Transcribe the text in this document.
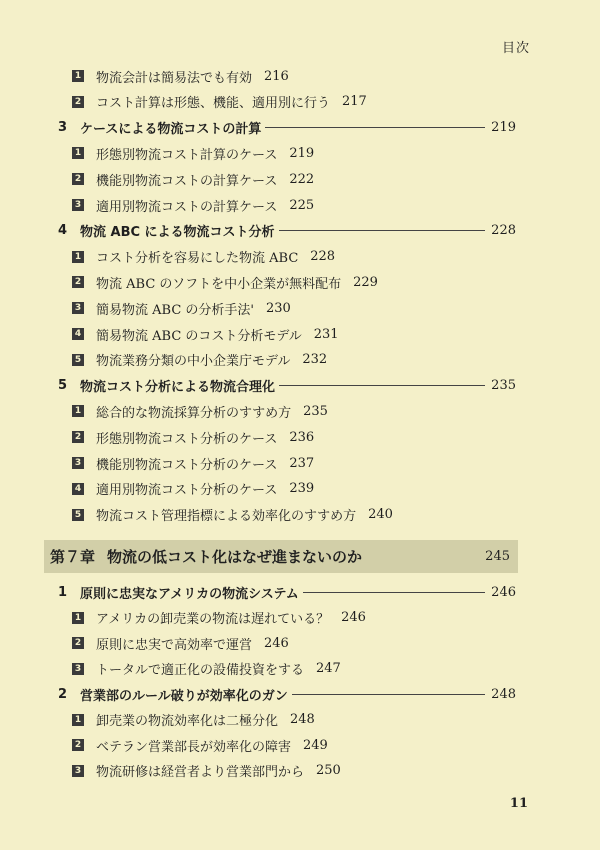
目次
1 物流会計は簡易法でも有効 216
2 コスト計算は形態、機能、適用別に行う 217
3 ケースによる物流コストの計算	219
1 形態別物流コスト計算のケース 219
2 機能別物流コストの計算ケース 222
3 適用別物流コストの計算ケース 225
4 物流 ABC による物流コスト分析	228
1 コスト分析を容易にした物流 ABC 228
2 物流 ABC のソフトを中小企業が無料配布 229
3 簡易物流 ABC の分析手法' 230
4 簡易物流 ABC のコスト分析モデル 231
5 物流業務分類の中小企業庁モデル 232
5 物流コスト分析による物流合理化	235
1 総合的な物流採算分析のすすめ方 235
2 形態別物流コスト分析のケース 236
3 機能別物流コスト分析のケース 237
4 適用別物流コスト分析のケース 239
5 物流コスト管理指標による効率化のすすめ方 240
第７章 物流の低コスト化はなぜ進まないのか	245
1 原則に忠実なアメリカの物流システム	246
1 アメリカの卸売業の物流は遅れている？ 246
2 原則に忠実で高効率で運営 246
3 トータルで適正化の設備投資をする 247
2 営業部のルール破りが効率化のガン	248
1 卸売業の物流効率化は二極分化 248
2 ベテラン営業部長が効率化の障害 249
3 物流研修は経営者より営業部門から 250
11
